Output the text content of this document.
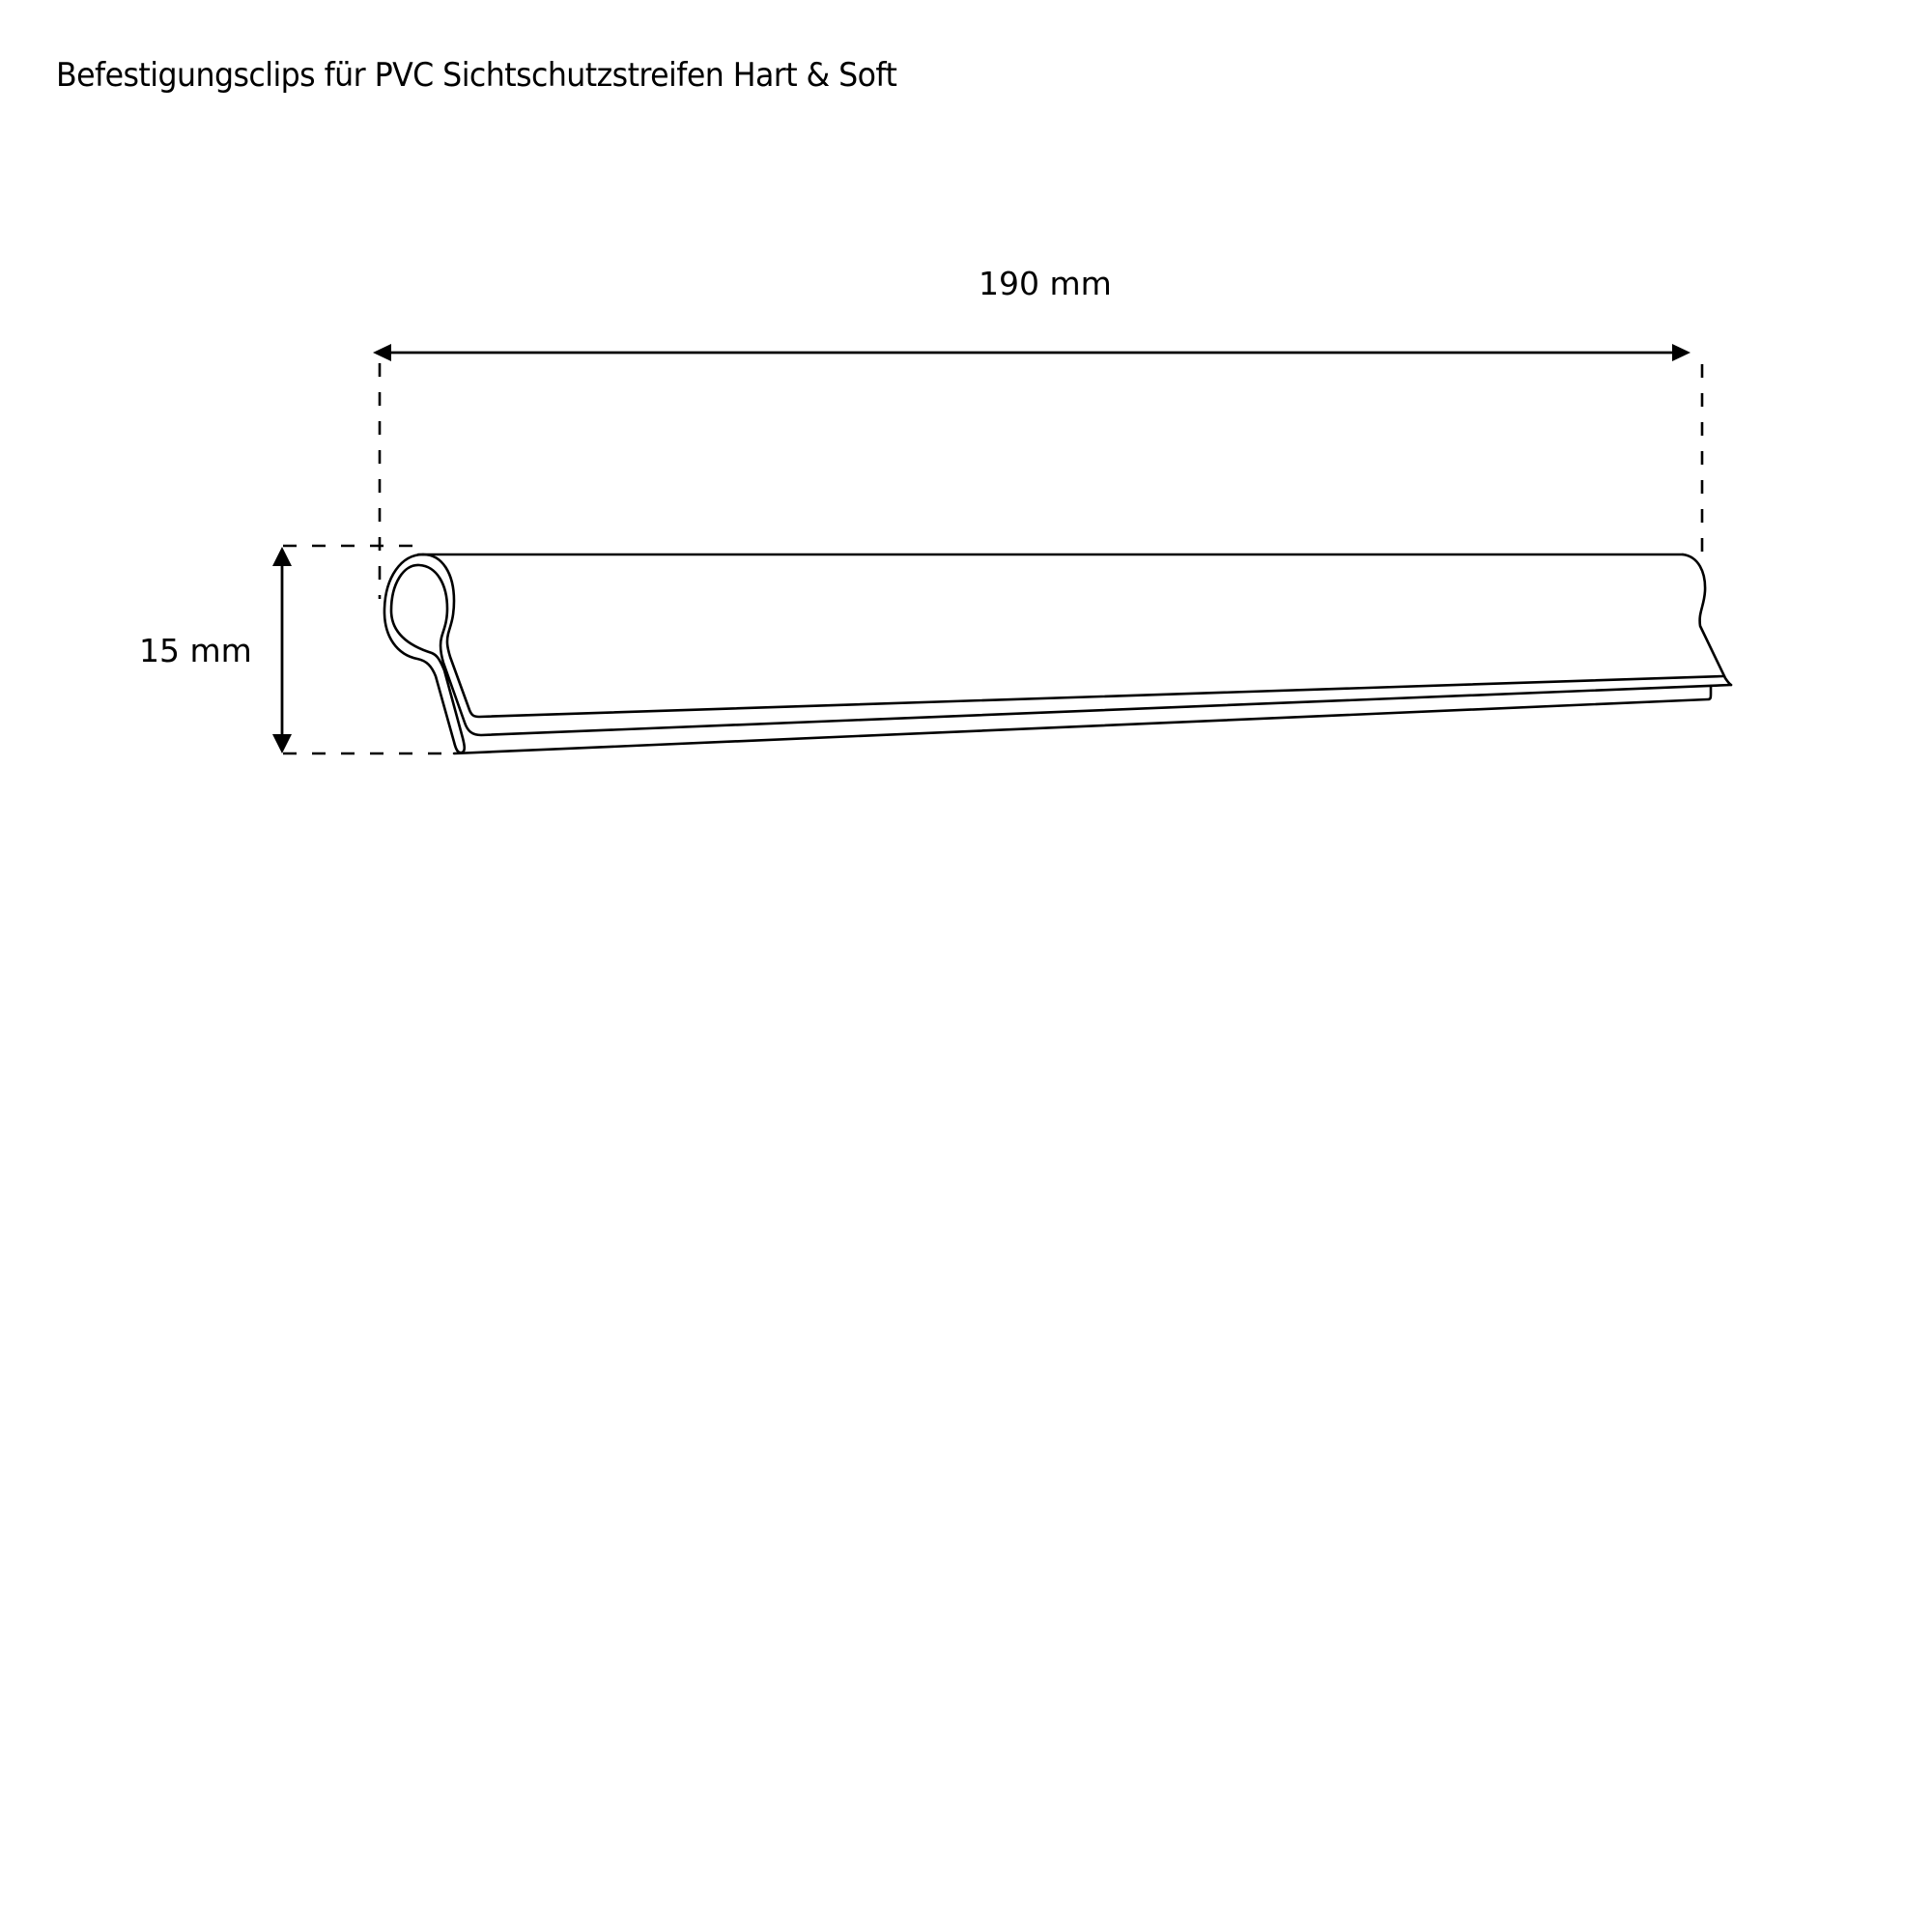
Befestigungsclips für PVC Sichtschutzstreifen Hart & Soft
190 mm
15 mm
